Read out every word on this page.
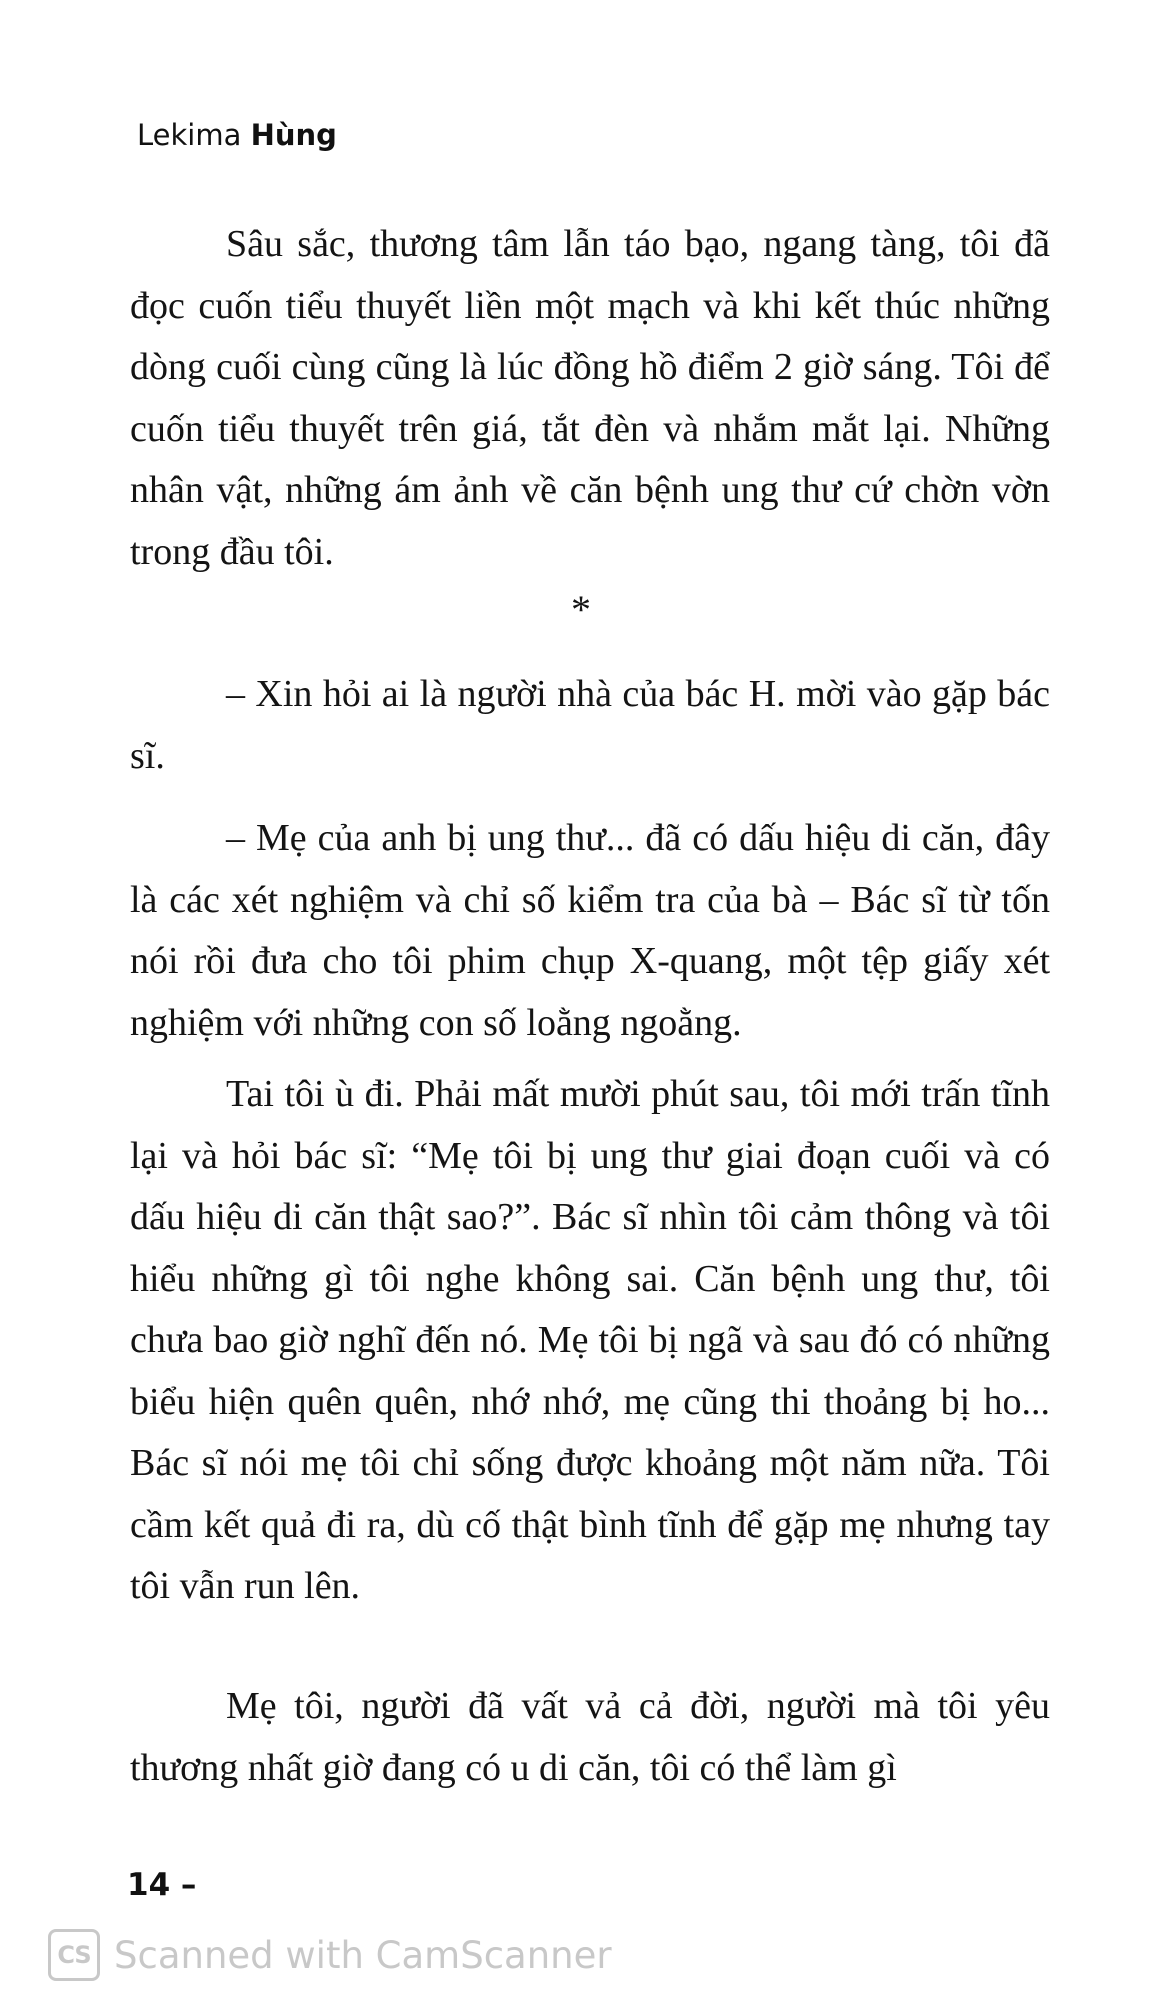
Lekima Hùng

Sâu sắc, thương tâm lẫn táo bạo, ngang tàng, tôi đã đọc cuốn tiểu thuyết liền một mạch và khi kết thúc những dòng cuối cùng cũng là lúc đồng hồ điểm 2 giờ sáng. Tôi để cuốn tiểu thuyết trên giá, tắt đèn và nhắm mắt lại. Những nhân vật, những ám ảnh về căn bệnh ung thư cứ chờn vờn trong đầu tôi.

*

– Xin hỏi ai là người nhà của bác H. mời vào gặp bác sĩ.

– Mẹ của anh bị ung thư... đã có dấu hiệu di căn, đây là các xét nghiệm và chỉ số kiểm tra của bà – Bác sĩ từ tốn nói rồi đưa cho tôi phim chụp X-quang, một tệp giấy xét nghiệm với những con số loằng ngoằng.

Tai tôi ù đi. Phải mất mười phút sau, tôi mới trấn tĩnh lại và hỏi bác sĩ: “Mẹ tôi bị ung thư giai đoạn cuối và có dấu hiệu di căn thật sao?”. Bác sĩ nhìn tôi cảm thông và tôi hiểu những gì tôi nghe không sai. Căn bệnh ung thư, tôi chưa bao giờ nghĩ đến nó. Mẹ tôi bị ngã và sau đó có những biểu hiện quên quên, nhớ nhớ, mẹ cũng thi thoảng bị ho... Bác sĩ nói mẹ tôi chỉ sống được khoảng một năm nữa. Tôi cầm kết quả đi ra, dù cố thật bình tĩnh để gặp mẹ nhưng tay tôi vẫn run lên.

Mẹ tôi, người đã vất vả cả đời, người mà tôi yêu thương nhất giờ đang có u di căn, tôi có thể làm gì

14 –
CS Scanned with CamScanner
